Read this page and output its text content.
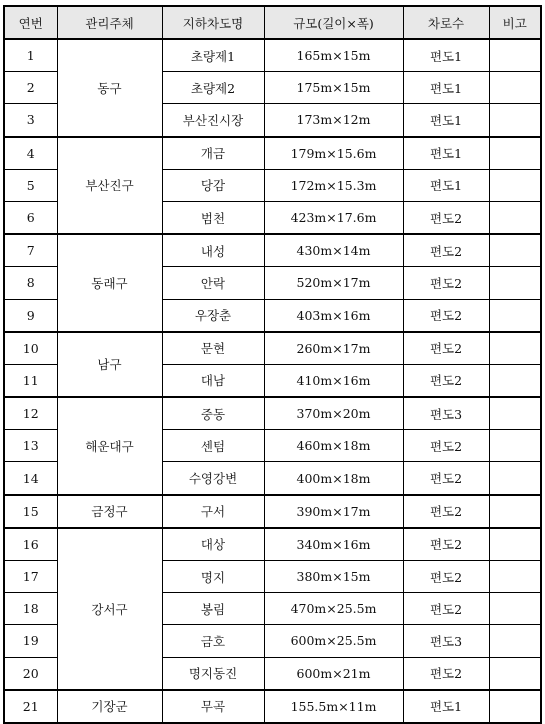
연번	관리주체	지하차도명	규모(길이×폭)	차로수	비고
1	동구	초량제1	165m×15m	편도1	
2		초량제2	175m×15m	편도1	
3		부산진시장	173m×12m	편도1	
4	부산진구	개금	179m×15.6m	편도1	
5		당감	172m×15.3m	편도1	
6		범천	423m×17.6m	편도2	
7	동래구	내성	430m×14m	편도2	
8		안락	520m×17m	편도2	
9		우장춘	403m×16m	편도2	
10	남구	문현	260m×17m	편도2	
11		대남	410m×16m	편도2	
12	해운대구	중동	370m×20m	편도3	
13		센텀	460m×18m	편도2	
14		수영강변	400m×18m	편도2	
15	금정구	구서	390m×17m	편도2	
16	강서구	대상	340m×16m	편도2	
17		명지	380m×15m	편도2	
18		봉림	470m×25.5m	편도2	
19		금호	600m×25.5m	편도3	
20		명지동진	600m×21m	편도2	
21	기장군	무곡	155.5m×11m	편도1	
